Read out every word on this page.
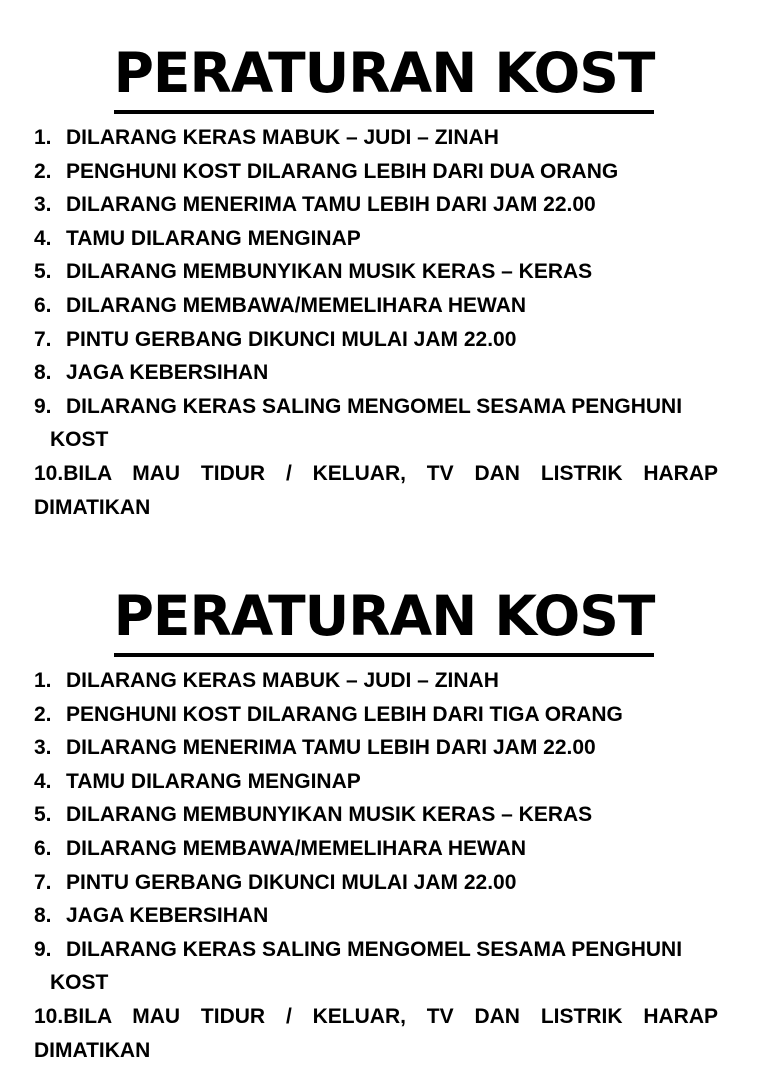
PERATURAN KOST
1. DILARANG KERAS MABUK – JUDI – ZINAH
2. PENGHUNI KOST DILARANG LEBIH DARI DUA ORANG
3. DILARANG MENERIMA TAMU LEBIH DARI JAM 22.00
4. TAMU DILARANG MENGINAP
5. DILARANG MEMBUNYIKAN MUSIK KERAS – KERAS
6. DILARANG MEMBAWA/MEMELIHARA HEWAN
7. PINTU GERBANG DIKUNCI MULAI JAM 22.00
8. JAGA KEBERSIHAN
9. DILARANG KERAS SALING MENGOMEL SESAMA PENGHUNI
KOST
10.BILA MAU TIDUR / KELUAR, TV DAN LISTRIK HARAP DIMATIKAN
PERATURAN KOST
1. DILARANG KERAS MABUK – JUDI – ZINAH
2. PENGHUNI KOST DILARANG LEBIH DARI TIGA ORANG
3. DILARANG MENERIMA TAMU LEBIH DARI JAM 22.00
4. TAMU DILARANG MENGINAP
5. DILARANG MEMBUNYIKAN MUSIK KERAS – KERAS
6. DILARANG MEMBAWA/MEMELIHARA HEWAN
7. PINTU GERBANG DIKUNCI MULAI JAM 22.00
8. JAGA KEBERSIHAN
9. DILARANG KERAS SALING MENGOMEL SESAMA PENGHUNI
KOST
10.BILA MAU TIDUR / KELUAR, TV DAN LISTRIK HARAP DIMATIKAN
